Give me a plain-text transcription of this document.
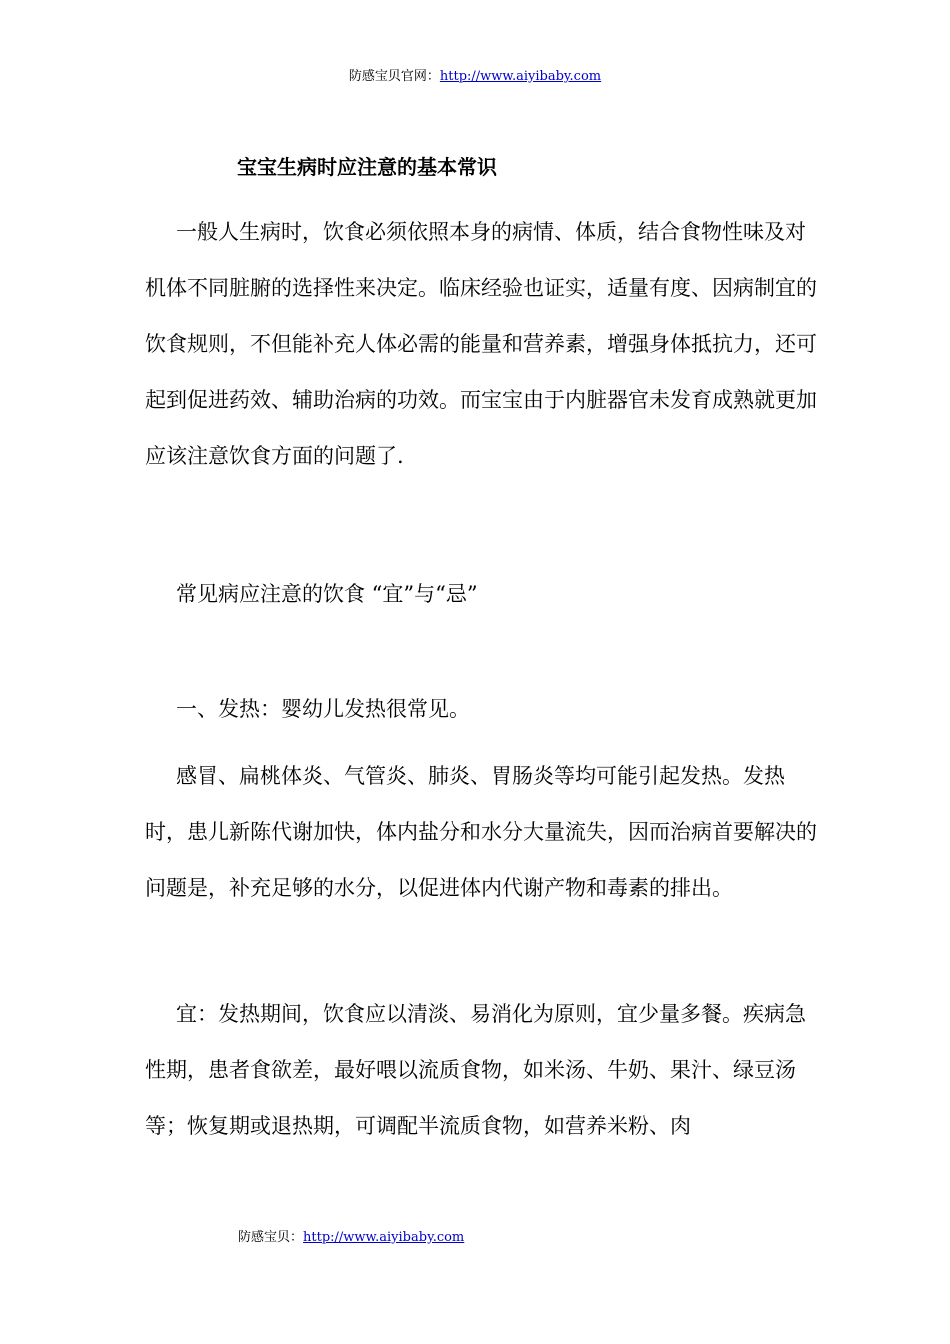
防感宝贝官网：http://www.aiyibaby.com
宝宝生病时应注意的基本常识

一般人生病时，饮食必须依照本身的病情、体质，结合食物性味及对机体不同脏腑的选择性来决定。临床经验也证实，适量有度、因病制宜的饮食规则，不但能补充人体必需的能量和营养素，增强身体抵抗力，还可起到促进药效、辅助治病的功效。而宝宝由于内脏器官未发育成熟就更加应该注意饮食方面的问题了.

常见病应注意的饮食 “宜”与“忌”

一、发热：婴幼儿发热很常见。

感冒、扁桃体炎、气管炎、肺炎、胃肠炎等均可能引起发热。发热时，患儿新陈代谢加快，体内盐分和水分大量流失，因而治病首要解决的问题是，补充足够的水分，以促进体内代谢产物和毒素的排出。

宜：发热期间，饮食应以清淡、易消化为原则，宜少量多餐。疾病急性期，患者食欲差，最好喂以流质食物，如米汤、牛奶、果汁、绿豆汤等；恢复期或退热期，可调配半流质食物，如营养米粉、肉

防感宝贝：http://www.aiyibaby.com
